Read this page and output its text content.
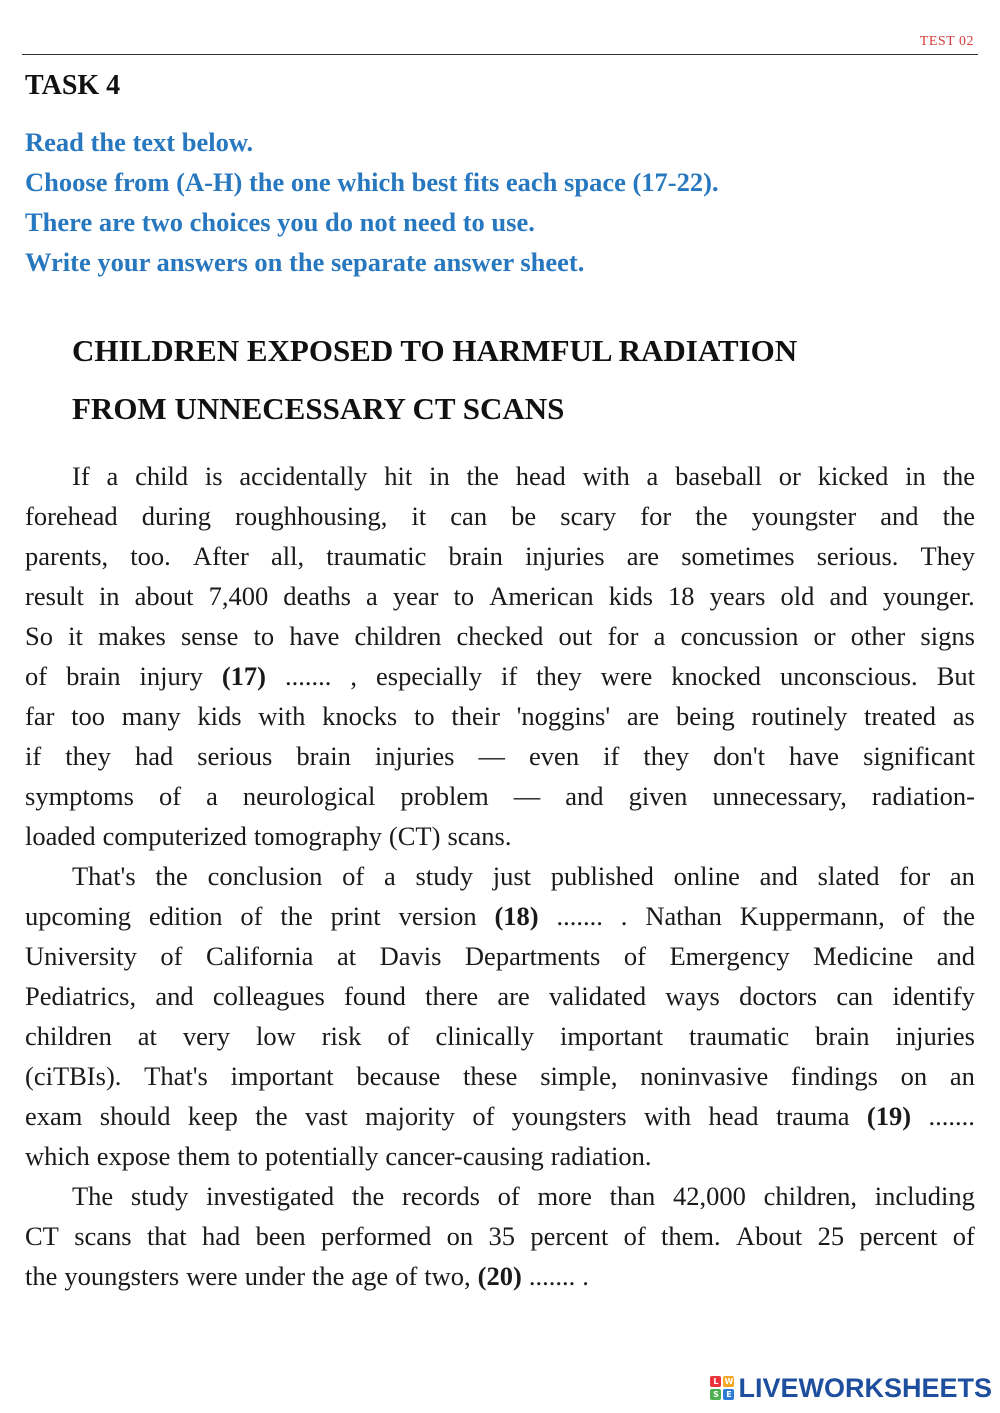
TEST 02
TASK 4
Read the text below.
Choose from (A-H) the one which best fits each space (17-22).
There are two choices you do not need to use.
Write your answers on the separate answer sheet.
CHILDREN EXPOSED TO HARMFUL RADIATION
FROM UNNECESSARY CT SCANS
If a child is accidentally hit in the head with a baseball or kicked in the
forehead during roughhousing, it can be scary for the youngster and the
parents, too. After all, traumatic brain injuries are sometimes serious. They
result in about 7,400 deaths a year to American kids 18 years old and younger.
So it makes sense to have children checked out for a concussion or other signs
of brain injury (17) ....... , especially if they were knocked unconscious. But
far too many kids with knocks to their 'noggins' are being routinely treated as
if they had serious brain injuries — even if they don't have significant
symptoms of a neurological problem — and given unnecessary, radiation-
loaded computerized tomography (CT) scans.
That's the conclusion of a study just published online and slated for an
upcoming edition of the print version (18) ....... . Nathan Kuppermann, of the
University of California at Davis Departments of Emergency Medicine and
Pediatrics, and colleagues found there are validated ways doctors can identify
children at very low risk of clinically important traumatic brain injuries
(ciTBIs). That's important because these simple, noninvasive findings on an
exam should keep the vast majority of youngsters with head trauma (19) .......
which expose them to potentially cancer-causing radiation.
The study investigated the records of more than 42,000 children, including
CT scans that had been performed on 35 percent of them. About 25 percent of
the youngsters were under the age of two, (20) ....... .
L W
S E LIVEWORKSHEETS
